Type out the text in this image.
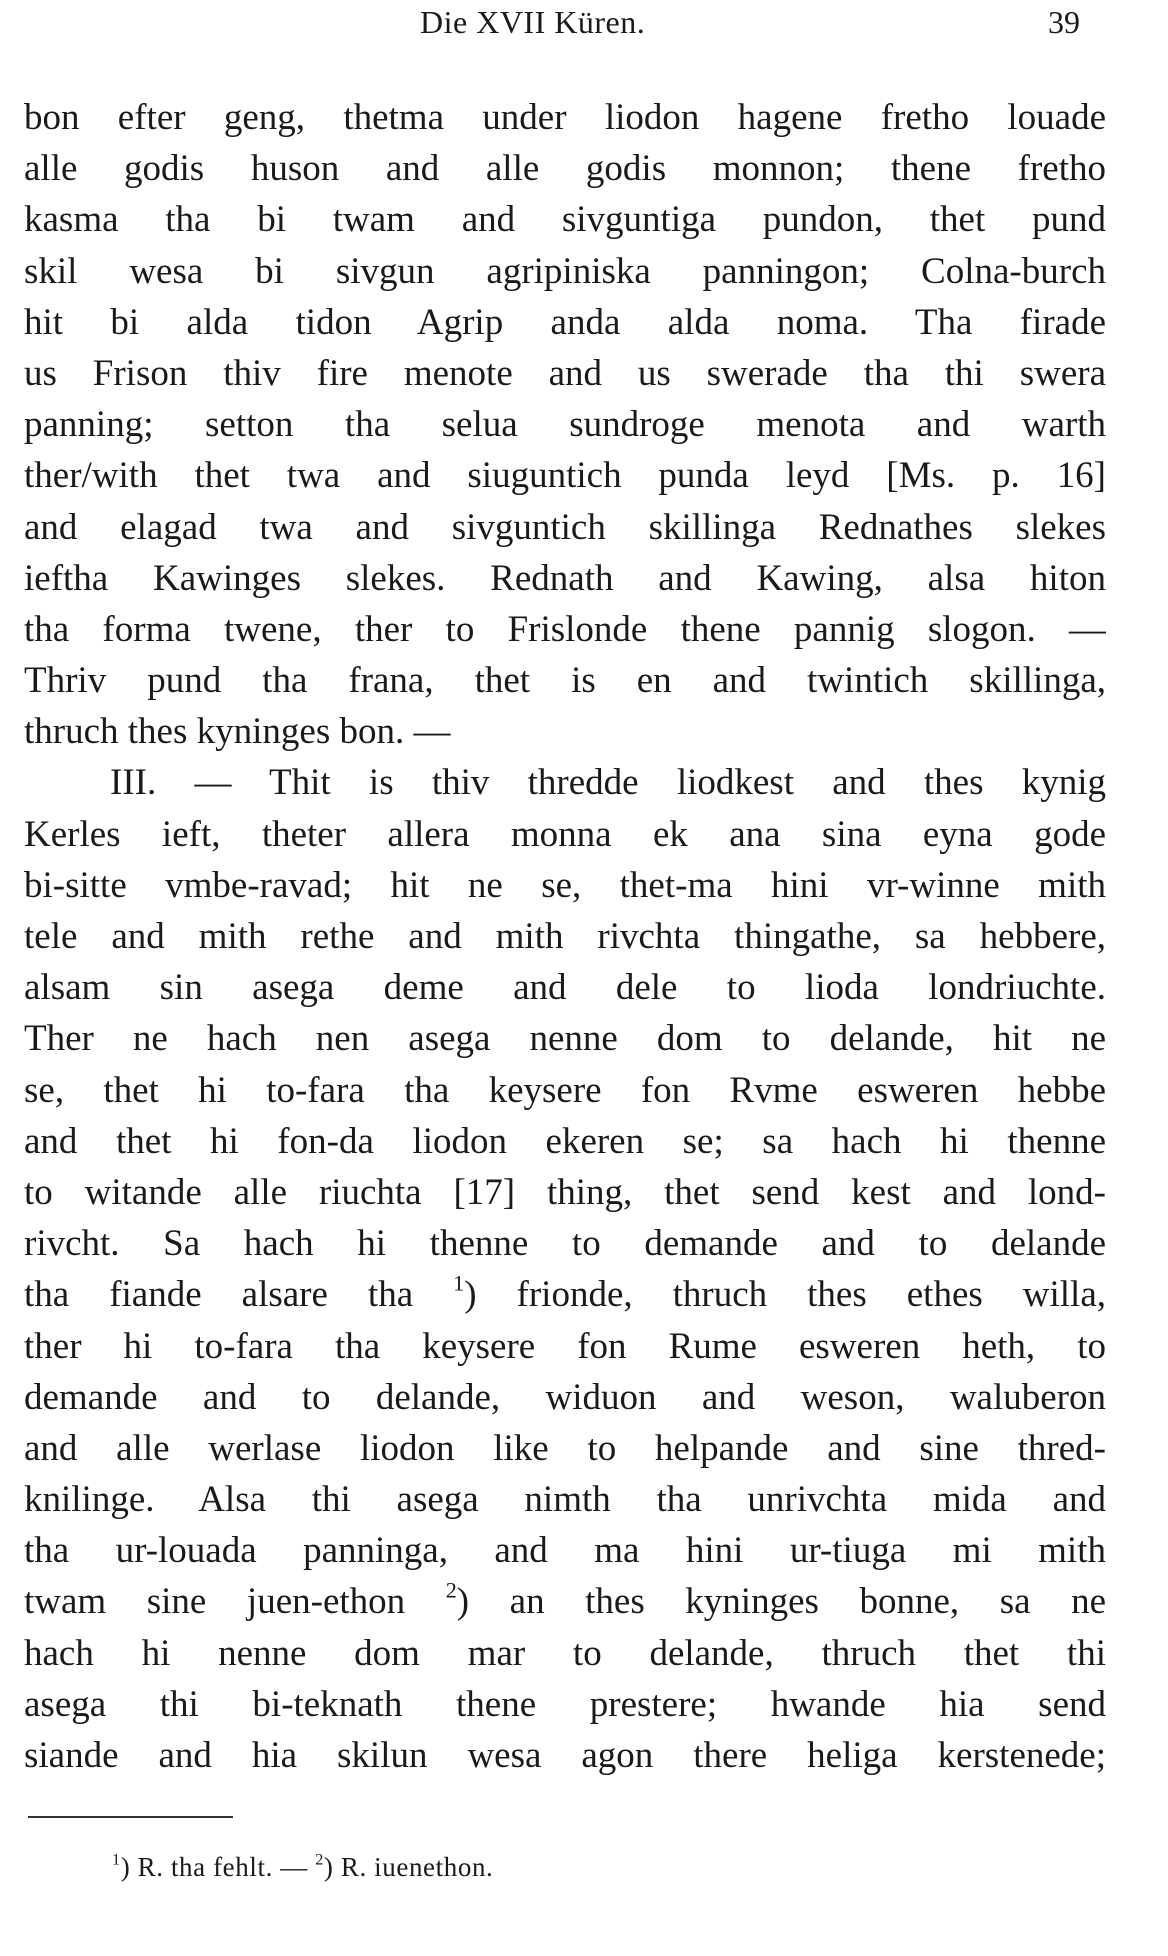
Die XVII Küren.	39
bon efter geng, thetma under liodon hagene fretho louade
alle godis huson and alle godis monnon; thene fretho
kasma tha bi twam and sivguntiga pundon, thet pund
skil wesa bi sivgun agripiniska panningon; Colna-burch
hit bi alda tidon Agrip anda alda noma. Tha firade
us Frison thiv fire menote and us swerade tha thi swera
panning; setton tha selua sundroge menota and warth
ther/with thet twa and siuguntich punda leyd [Ms. p. 16]
and elagad twa and sivguntich skillinga Rednathes slekes
ieftha Kawinges slekes. Rednath and Kawing, alsa hiton
tha forma twene, ther to Frislonde thene pannig slogon. —
Thriv pund tha frana, thet is en and twintich skillinga,
thruch thes kyninges bon. —
III. — Thit is thiv thredde liodkest and thes kynig
Kerles ieft, theter allera monna ek ana sina eyna gode
bi-sitte vmbe-ravad; hit ne se, thet-ma hini vr-winne mith
tele and mith rethe and mith rivchta thingathe, sa hebbere,
alsam sin asega deme and dele to lioda londriuchte.
Ther ne hach nen asega nenne dom to delande, hit ne
se, thet hi to-fara tha keysere fon Rvme esweren hebbe
and thet hi fon-da liodon ekeren se; sa hach hi thenne
to witande alle riuchta [17] thing, thet send kest and lond-
rivcht. Sa hach hi thenne to demande and to delande
tha fiande alsare tha $^1$) frionde, thruch thes ethes willa,
ther hi to-fara tha keysere fon Rume esweren heth, to
demande and to delande, widuon and weson, waluberon
and alle werlase liodon like to helpande and sine thred-
knilinge. Alsa thi asega nimth tha unrivchta mida and
tha ur-louada panninga, and ma hini ur-tiuga mi mith
twam sine juen-ethon $^2$) an thes kyninges bonne, sa ne
hach hi nenne dom mar to delande, thruch thet thi
asega thi bi-teknath thene prestere; hwande hia send
siande and hia skilun wesa agon there heliga kerstenede;
$^1$) R. tha fehlt. — $^2$) R. iuenethon.
